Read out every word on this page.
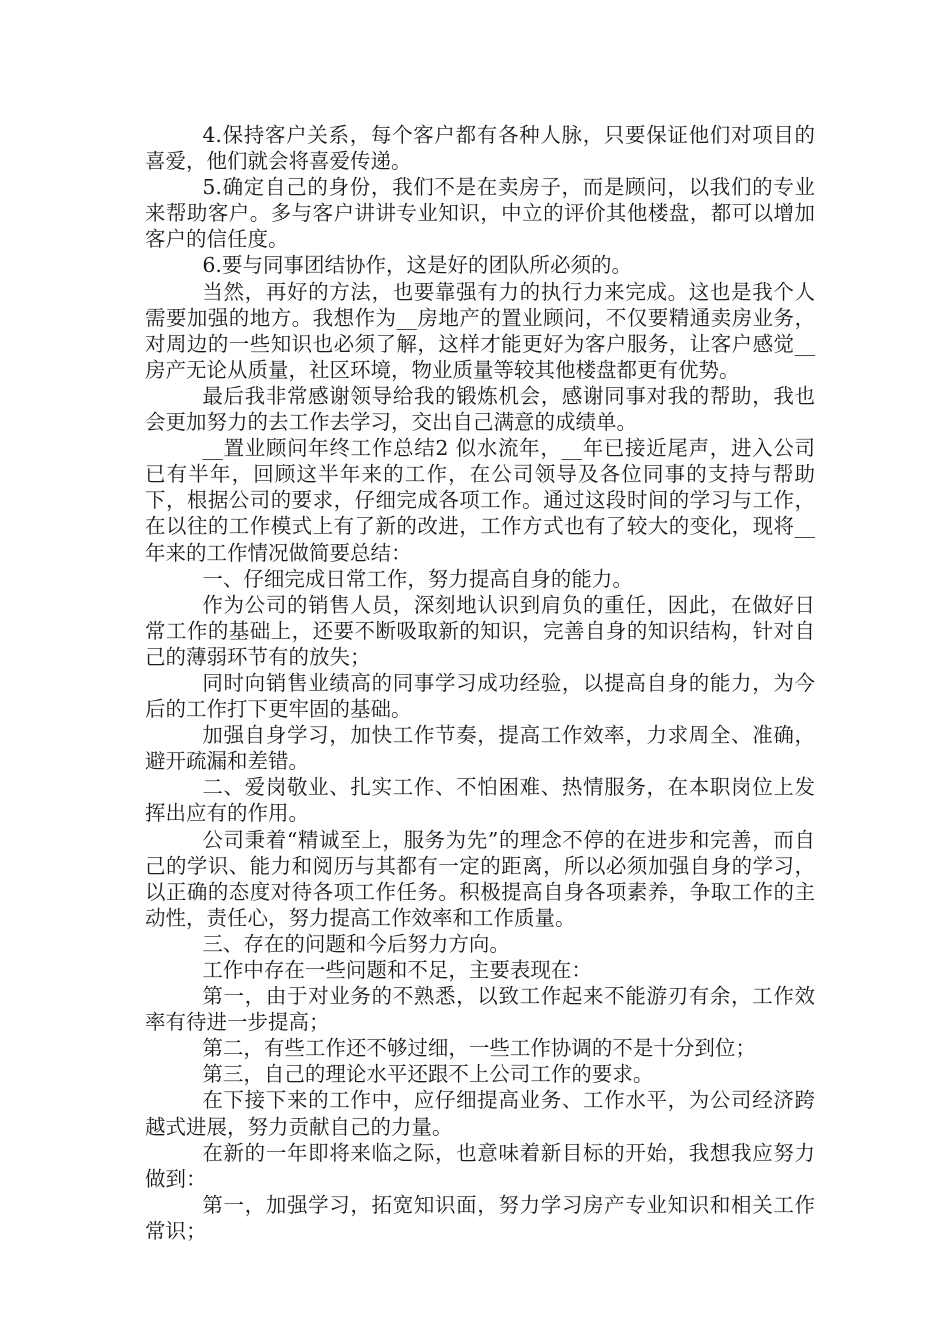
4.保持客户关系，每个客户都有各种人脉，只要保证他们对项目的喜爱，他们就会将喜爱传递。

5.确定自己的身份，我们不是在卖房子，而是顾问，以我们的专业来帮助客户。多与客户讲讲专业知识，中立的评价其他楼盘，都可以增加客户的信任度。

6.要与同事团结协作，这是好的团队所必须的。

当然，再好的方法，也要靠强有力的执行力来完成。这也是我个人需要加强的地方。我想作为__房地产的置业顾问，不仅要精通卖房业务，对周边的一些知识也必须了解，这样才能更好为客户服务，让客户感觉__房产无论从质量，社区环境，物业质量等较其他楼盘都更有优势。

最后我非常感谢领导给我的锻炼机会，感谢同事对我的帮助，我也会更加努力的去工作去学习，交出自己满意的成绩单。

__置业顾问年终工作总结2 似水流年，__年已接近尾声，进入公司已有半年，回顾这半年来的工作，在公司领导及各位同事的支持与帮助下，根据公司的要求，仔细完成各项工作。通过这段时间的学习与工作，在以往的工作模式上有了新的改进，工作方式也有了较大的变化，现将__年来的工作情况做简要总结：

一、仔细完成日常工作，努力提高自身的能力。

作为公司的销售人员，深刻地认识到肩负的重任，因此，在做好日常工作的基础上，还要不断吸取新的知识，完善自身的知识结构，针对自己的薄弱环节有的放失；

同时向销售业绩高的同事学习成功经验，以提高自身的能力，为今后的工作打下更牢固的基础。

加强自身学习，加快工作节奏，提高工作效率，力求周全、准确，避开疏漏和差错。

二、爱岗敬业、扎实工作、不怕困难、热情服务，在本职岗位上发挥出应有的作用。

公司秉着“精诚至上，服务为先”的理念不停的在进步和完善，而自己的学识、能力和阅历与其都有一定的距离，所以必须加强自身的学习，以正确的态度对待各项工作任务。积极提高自身各项素养，争取工作的主动性，责任心，努力提高工作效率和工作质量。

三、存在的问题和今后努力方向。

工作中存在一些问题和不足，主要表现在：

第一，由于对业务的不熟悉，以致工作起来不能游刃有余，工作效率有待进一步提高；

第二，有些工作还不够过细，一些工作协调的不是十分到位；

第三，自己的理论水平还跟不上公司工作的要求。

在下接下来的工作中，应仔细提高业务、工作水平，为公司经济跨越式进展，努力贡献自己的力量。

在新的一年即将来临之际，也意味着新目标的开始，我想我应努力做到：

第一，加强学习，拓宽知识面，努力学习房产专业知识和相关工作常识；
